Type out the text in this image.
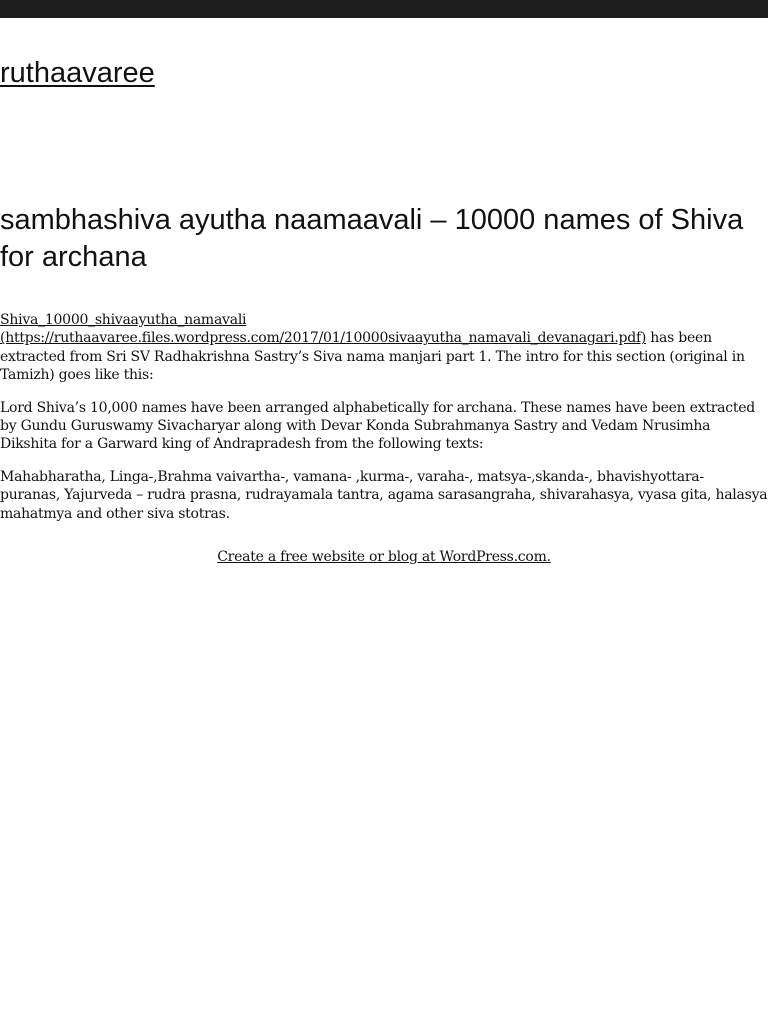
ruthaavaree
sambhashiva ayutha naamaavali – 10000 names of Shiva for archana

Shiva_10000_shivaayutha_namavali (https://ruthaavaree.files.wordpress.com/2017/01/10000sivaayutha_namavali_devanagari.pdf) has been extracted from Sri SV Radhakrishna Sastry’s Siva nama manjari part 1. The intro for this section (original in Tamizh) goes like this:

Lord Shiva’s 10,000 names have been arranged alphabetically for archana. These names have been extracted by Gundu Guruswamy Sivacharyar along with Devar Konda Subrahmanya Sastry and Vedam Nrusimha Dikshita for a Garward king of Andrapradesh from the following texts:

Mahabharatha, Linga-,Brahma vaivartha-, vamana- ,kurma-, varaha-, matsya-,skanda-, bhavishyottara- puranas, Yajurveda – rudra prasna, rudrayamala tantra, agama sarasangraha, shivarahasya, vyasa gita, halasya mahatmya and other siva stotras.

Create a free website or blog at WordPress.com.
